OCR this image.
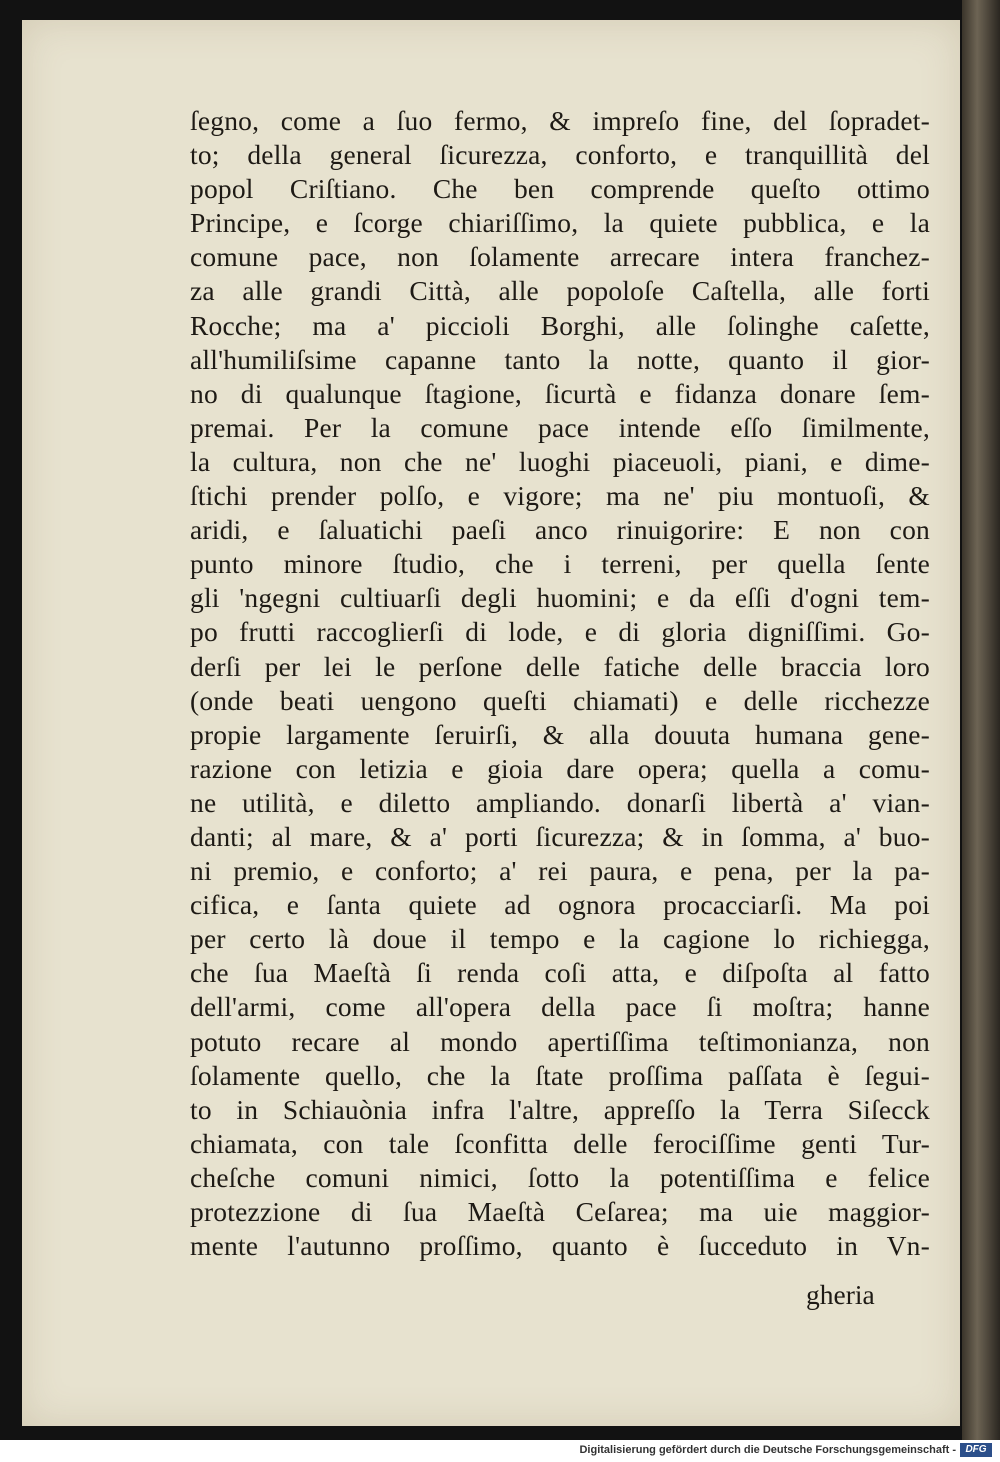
ſegno, come a ſuo fermo, & impreſo fine, del ſopradet-
to; della general ſicurezza, conforto, e tranquillità del
popol Criſtiano. Che ben comprende queſto ottimo
Principe, e ſcorge chiariſſimo, la quiete pubblica, e la
comune pace, non ſolamente arrecare intera franchez-
za alle grandi Città, alle popoloſe Caſtella, alle forti
Rocche; ma a' piccioli Borghi, alle ſolinghe caſette,
all'humiliſsime capanne tanto la notte, quanto il gior-
no di qualunque ſtagione, ſicurtà e fidanza donare ſem-
premai. Per la comune pace intende eſſo ſimilmente,
la cultura, non che ne' luoghi piaceuoli, piani, e dime-
ſtichi prender polſo, e vigore; ma ne' piu montuoſi, &
aridi, e ſaluatichi paeſi anco rinuigorire: E non con
punto minore ſtudio, che i terreni, per quella ſente
gli 'ngegni cultiuarſi degli huomini; e da eſſi d'ogni tem-
po frutti raccoglierſi di lode, e di gloria digniſſimi. Go-
derſi per lei le perſone delle fatiche delle braccia loro
(onde beati uengono queſti chiamati) e delle ricchezze
propie largamente ſeruirſi, & alla douuta humana gene-
razione con letizia e gioia dare opera; quella a comu-
ne utilità, e diletto ampliando. donarſi libertà a' vian-
danti; al mare, & a' porti ſicurezza; & in ſomma, a' buo-
ni premio, e conforto; a' rei paura, e pena, per la pa-
cifica, e ſanta quiete ad ognora procacciarſi. Ma poi
per certo là doue il tempo e la cagione lo richiegga,
che ſua Maeſtà ſi renda coſi atta, e diſpoſta al fatto
dell'armi, come all'opera della pace ſi moſtra; hanne
potuto recare al mondo apertiſſima teſtimonianza, non
ſolamente quello, che la ſtate proſſima paſſata è ſegui-
to in Schiauònia infra l'altre, appreſſo la Terra Siſecck
chiamata, con tale ſconfitta delle ferociſſime genti Tur-
cheſche comuni nimici, ſotto la potentiſſima e felice
protezzione di ſua Maeſtà Ceſarea; ma uie maggior-
mente l'autunno proſſimo, quanto è ſucceduto in Vn-
gheria
Digitalisierung gefördert durch die Deutsche Forschungsgemeinschaft - DFG
